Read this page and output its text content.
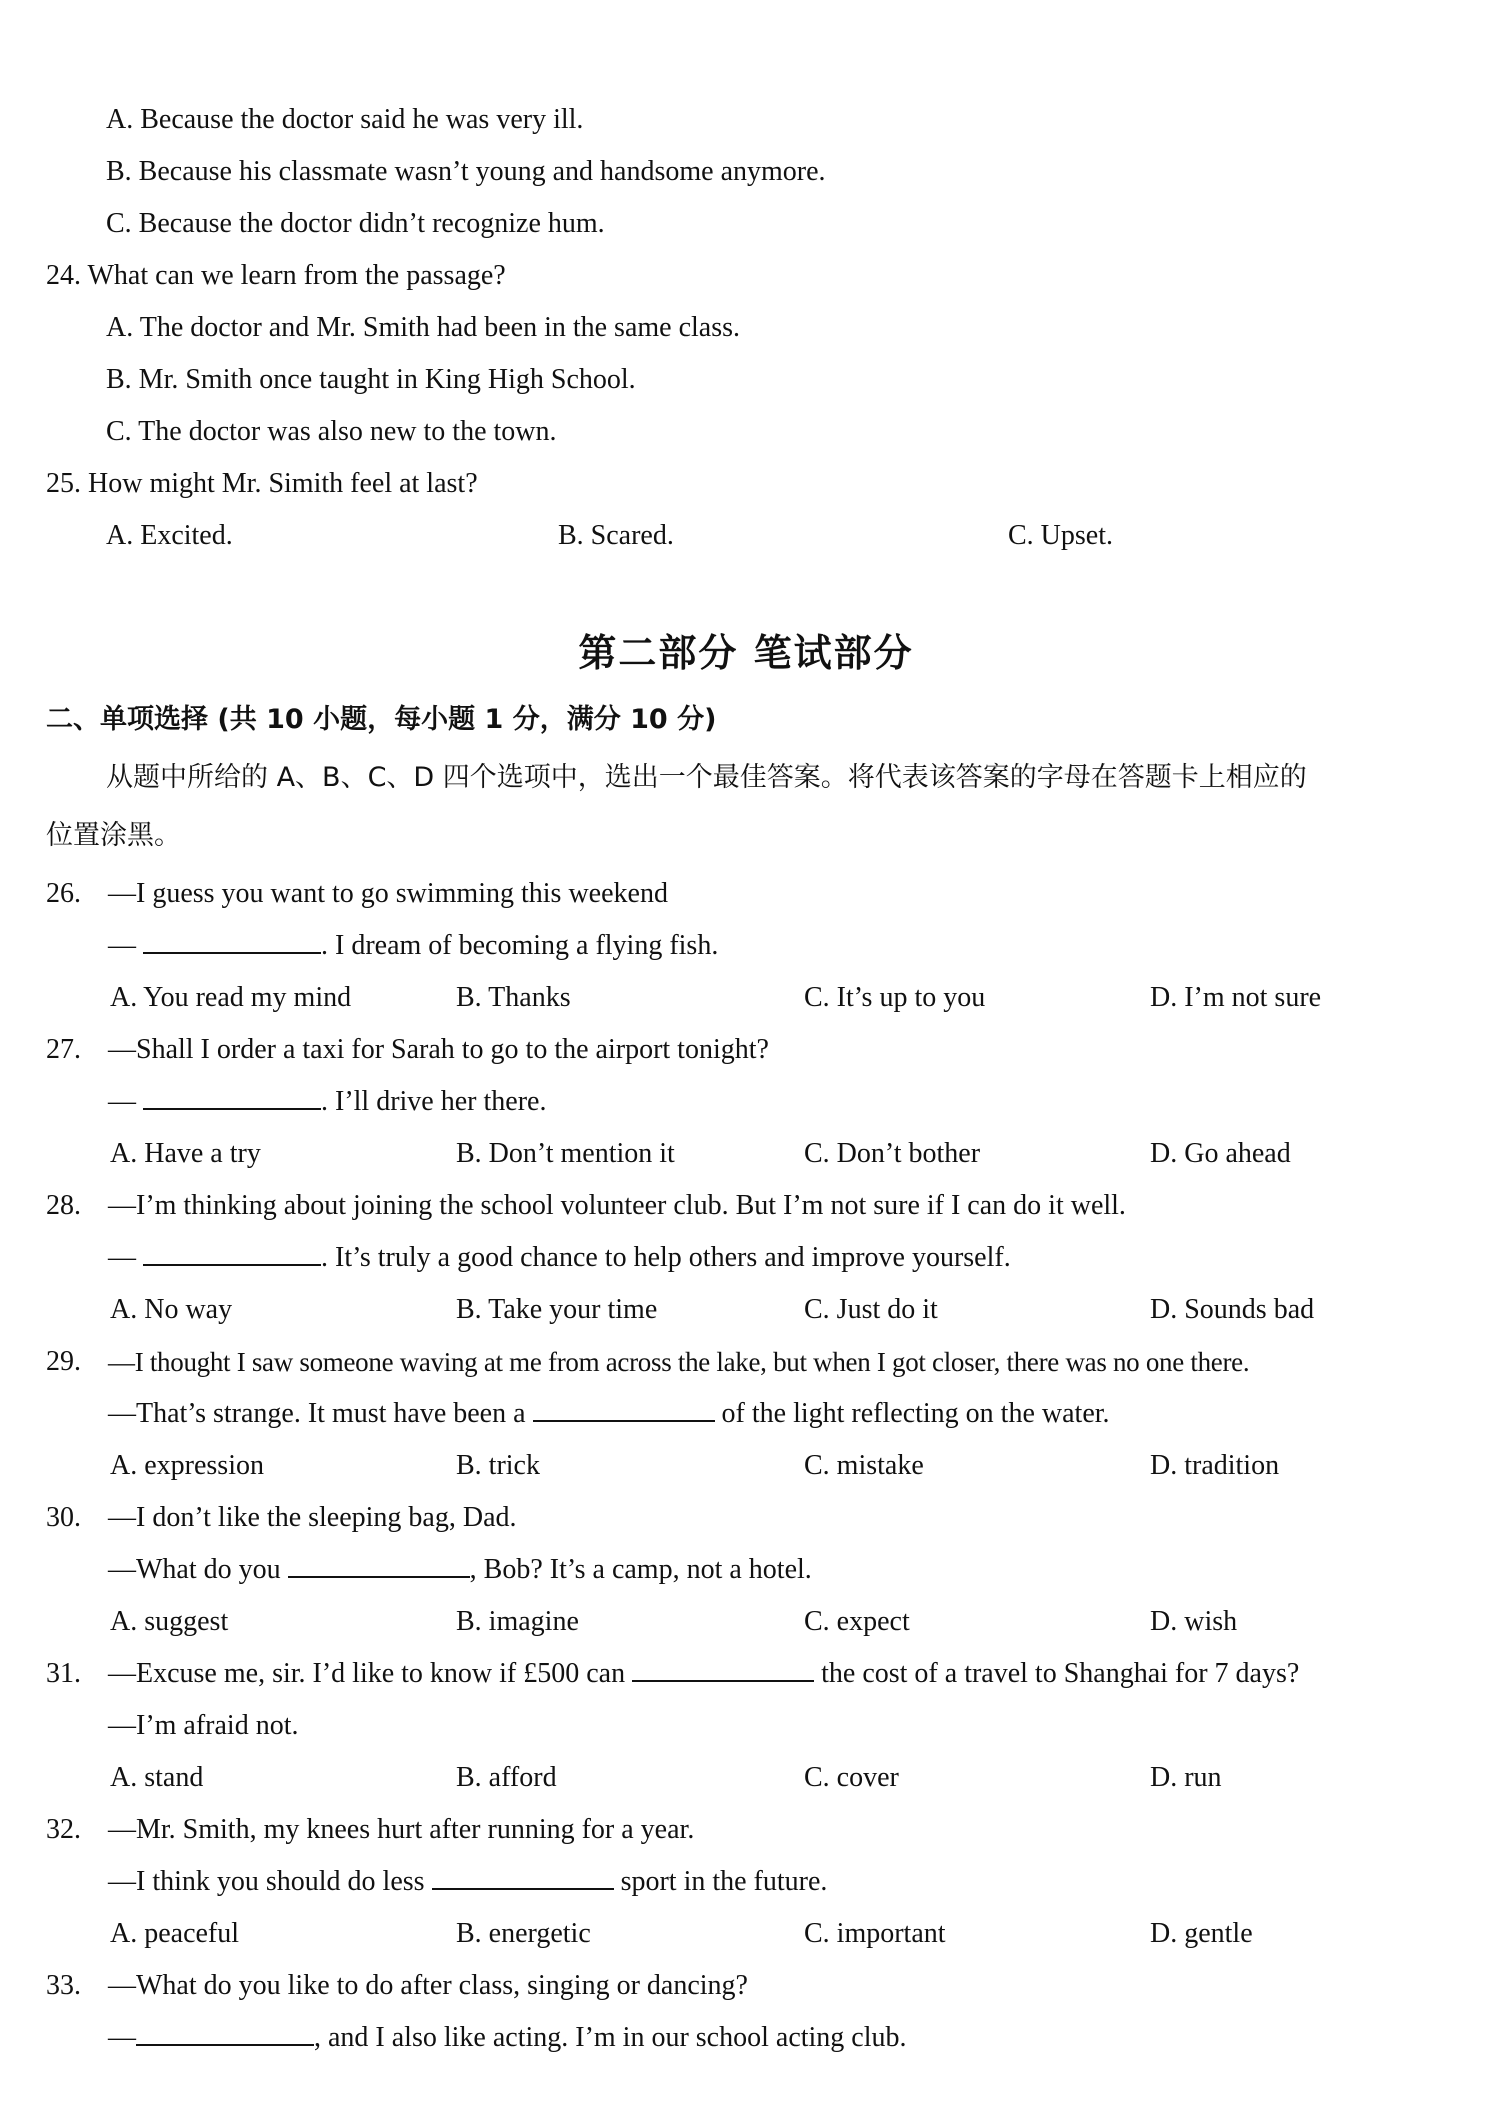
A. Because the doctor said he was very ill.
B. Because his classmate wasn’t young and handsome anymore.
C. Because the doctor didn’t recognize hum.
24. What can we learn from the passage?
A. The doctor and Mr. Smith had been in the same class.
B. Mr. Smith once taught in King High School.
C. The doctor was also new to the town.
25. How might Mr. Simith feel at last?
A. Excited.	B. Scared.	C. Upset.
第二部分 笔试部分
二、单项选择 (共 10 小题，每小题 1 分，满分 10 分)
从题中所给的 A、B、C、D 四个选项中，选出一个最佳答案。将代表该答案的字母在答题卡上相应的
位置涂黑。
26. —I guess you want to go swimming this weekend
—	. I dream of becoming a flying fish.
A. You read my mind	B. Thanks	C. It’s up to you	D. I’m not sure
27. —Shall I order a taxi for Sarah to go to the airport tonight?
—	. I’ll drive her there.
A. Have a try	B. Don’t mention it	C. Don’t bother	D. Go ahead
28. —I’m thinking about joining the school volunteer club. But I’m not sure if I can do it well.
—	. It’s truly a good chance to help others and improve yourself.
A. No way	B. Take your time	C. Just do it	D. Sounds bad
29. —I thought I saw someone waving at me from across the lake, but when I got closer, there was no one there.
—That’s strange. It must have been a	of the light reflecting on the water.
A. expression	B. trick	C. mistake	D. tradition
30. —I don’t like the sleeping bag, Dad.
—What do you	, Bob? It’s a camp, not a hotel.
A. suggest	B. imagine	C. expect	D. wish
31. —Excuse me, sir. I’d like to know if £500 can	the cost of a travel to Shanghai for 7 days?
—I’m afraid not.
A. stand	B. afford	C. cover	D. run
32. —Mr. Smith, my knees hurt after running for a year.
—I think you should do less	sport in the future.
A. peaceful	B. energetic	C. important	D. gentle
33. —What do you like to do after class, singing or dancing?
—	, and I also like acting. I’m in our school acting club.
